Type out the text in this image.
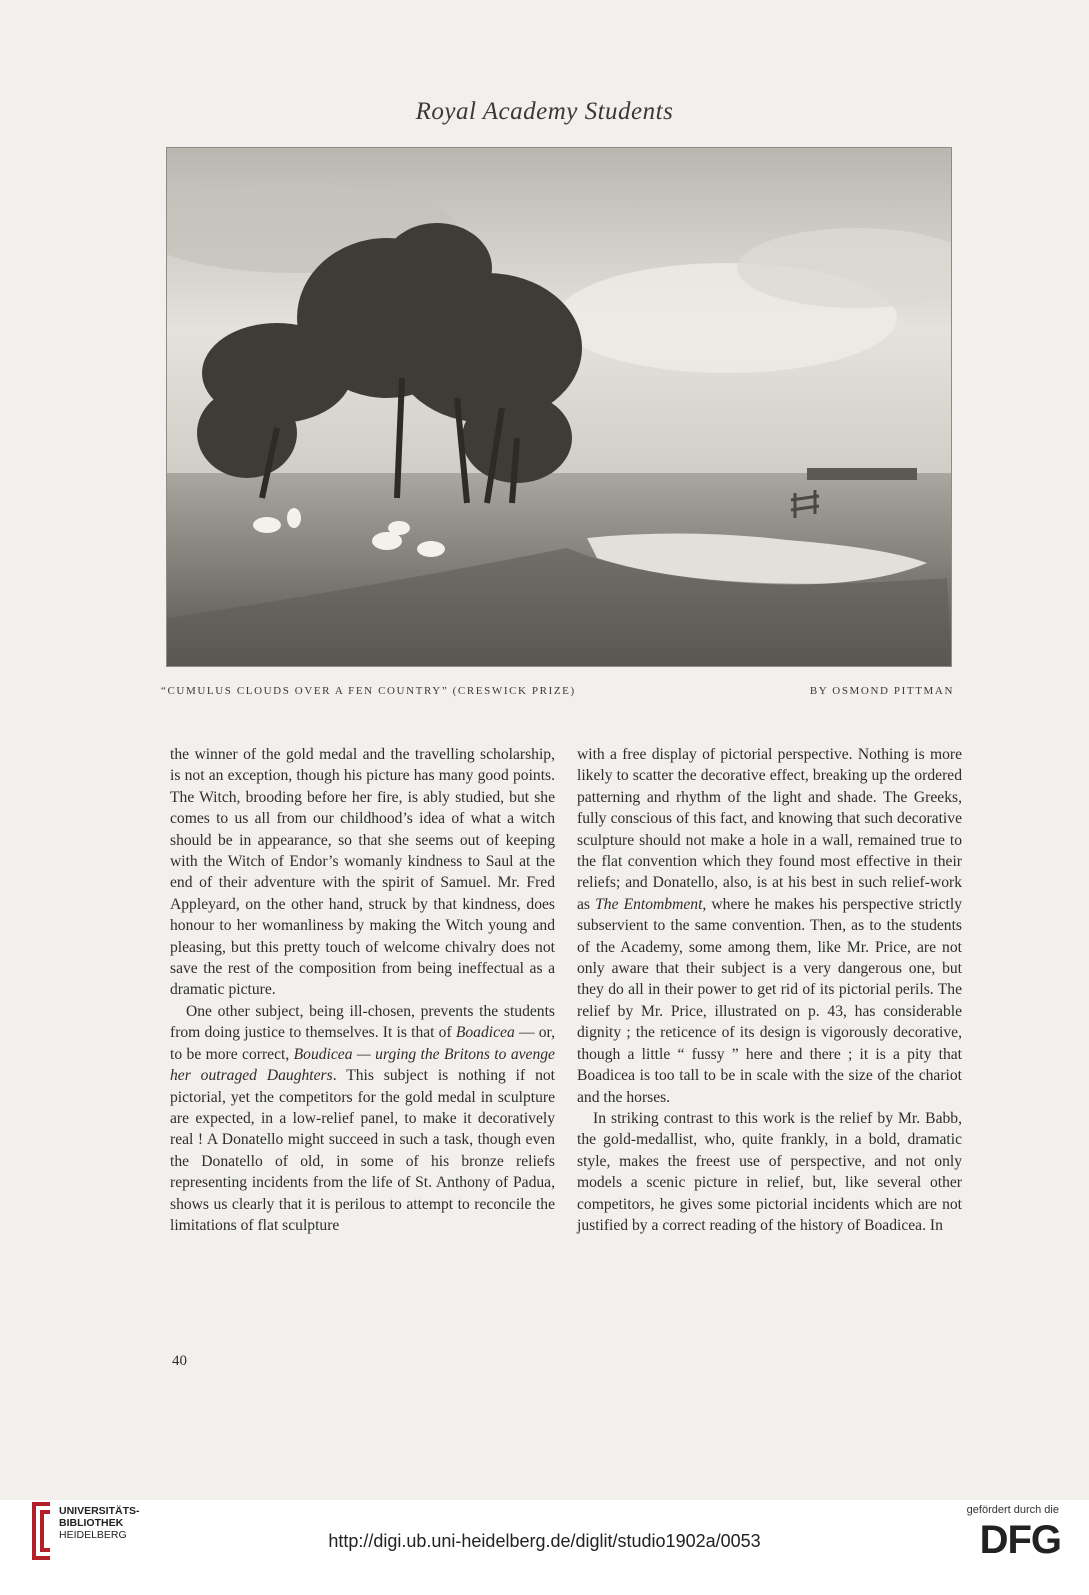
Royal Academy Students
“CUMULUS CLOUDS OVER A FEN COUNTRY” (CRESWICK PRIZE)	BY OSMOND PITTMAN

the winner of the gold medal and the travelling scholarship, is not an exception, though his picture has many good points. The Witch, brooding before her fire, is ably studied, but she comes to us all from our childhood’s idea of what a witch should be in appearance, so that she seems out of keeping with the Witch of Endor’s womanly kindness to Saul at the end of their adventure with the spirit of Samuel. Mr. Fred Appleyard, on the other hand, struck by that kindness, does honour to her womanliness by making the Witch young and pleasing, but this pretty touch of welcome chivalry does not save the rest of the composition from being ineffectual as a dramatic picture.

One other subject, being ill-chosen, prevents the students from doing justice to themselves. It is that of Boadicea — or, to be more correct, Boudicea — urging the Britons to avenge her outraged Daughters. This subject is nothing if not pictorial, yet the competitors for the gold medal in sculpture are expected, in a low-relief panel, to make it decoratively real ! A Donatello might succeed in such a task, though even the Donatello of old, in some of his bronze reliefs representing incidents from the life of St. Anthony of Padua, shows us clearly that it is perilous to attempt to reconcile the limitations of flat sculpture

with a free display of pictorial perspective. Nothing is more likely to scatter the decorative effect, breaking up the ordered patterning and rhythm of the light and shade. The Greeks, fully conscious of this fact, and knowing that such decorative sculpture should not make a hole in a wall, remained true to the flat convention which they found most effective in their reliefs; and Donatello, also, is at his best in such relief-work as The Entombment, where he makes his perspective strictly subservient to the same convention. Then, as to the students of the Academy, some among them, like Mr. Price, are not only aware that their subject is a very dangerous one, but they do all in their power to get rid of its pictorial perils. The relief by Mr. Price, illustrated on p. 43, has considerable dignity ; the reticence of its design is vigorously decorative, though a little “ fussy ” here and there ; it is a pity that Boadicea is too tall to be in scale with the size of the chariot and the horses.

In striking contrast to this work is the relief by Mr. Babb, the gold-medallist, who, quite frankly, in a bold, dramatic style, makes the freest use of perspective, and not only models a scenic picture in relief, but, like several other competitors, he gives some pictorial incidents which are not justified by a correct reading of the history of Boadicea. In

40
UNIVERSITÄTS-
BIBLIOTHEK
HEIDELBERG	http://digi.ub.uni-heidelberg.de/diglit/studio1902a/0053
gefördert durch die
DFG
